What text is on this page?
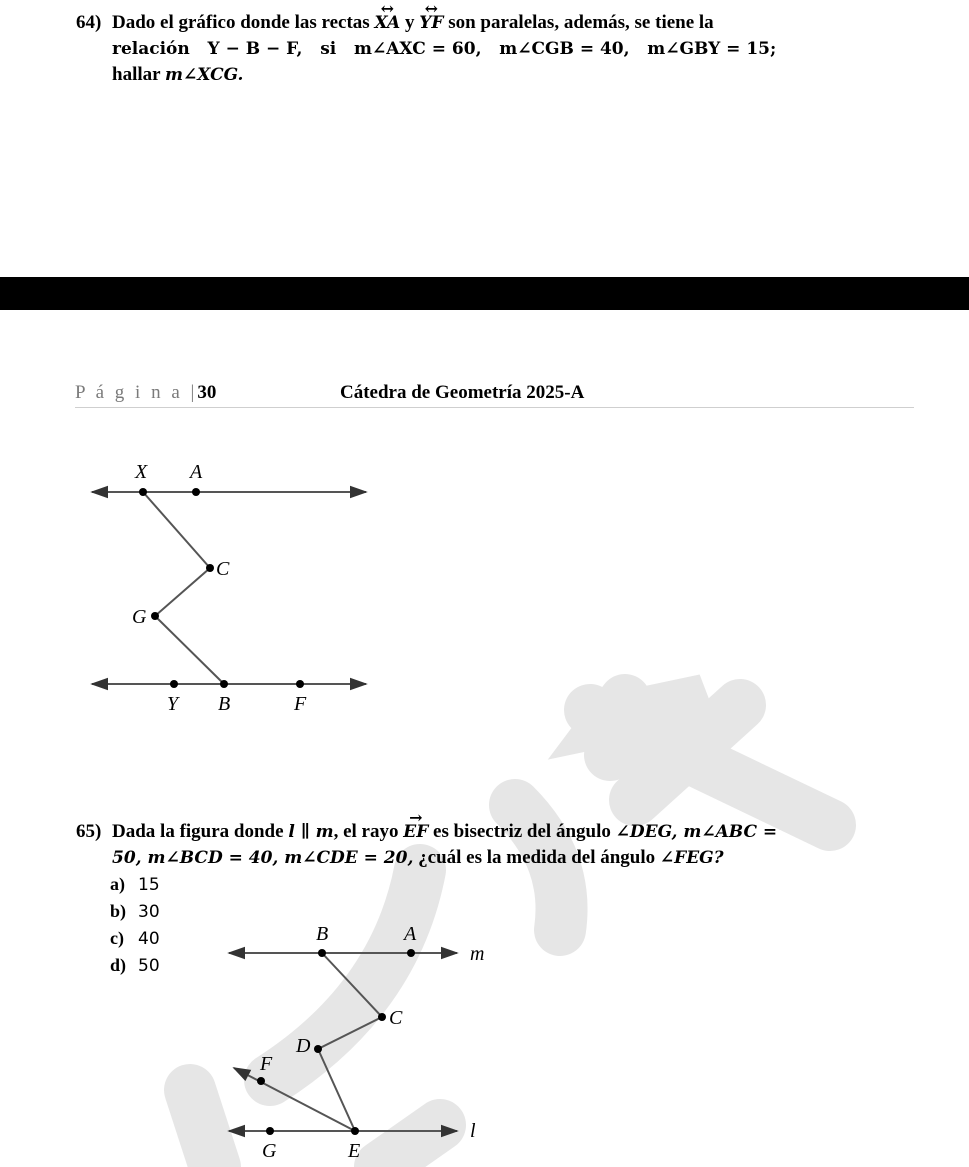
64) Dado el gráfico donde las rectas ↔ XA y ↔ YF son paralelas, además, se tiene la
relación   Y − B − F,   si   m∠AXC = 60,   m∠CGB = 40,   m∠GBY = 15;
hallar m∠XCG.
P á g i n a |30	Cátedra de Geometría 2025-A
X A
C
G
Y B	F
65) Dada la figura donde l ∥ m, el rayo → EF es bisectriz del ángulo ∠DEG, m∠ABC =
50, m∠BCD = 40, m∠CDE = 20, ¿cuál es la medida del ángulo ∠FEG?
a) 15
b) 30
c) 40
d) 50
B	A
m
C
D
F
G	E
l
